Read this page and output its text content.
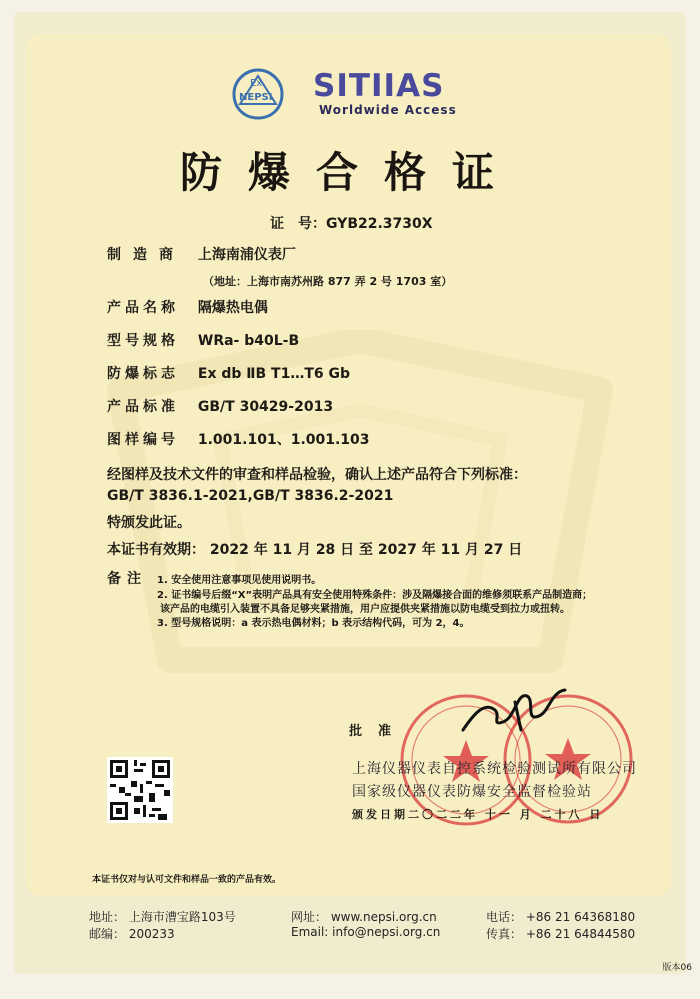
Ex
NEPSI SITIIAS
Worldwide Access
防爆合格证
证　号：GYB22.3730X
制造商 上海南浦仪表厂
（地址：上海市南苏州路 877 弄 2 号 1703 室）
产品名称 隔爆热电偶
型号规格 WRa- b40L-B
防爆标志 Ex db ⅡB T1…T6 Gb
产品标准 GB/T 30429-2013
图样编号 1.001.101、1.001.103
经图样及技术文件的审查和样品检验，确认上述产品符合下列标准：
GB/T 3836.1-2021,GB/T 3836.2-2021
特颁发此证。
本证书有效期： 2022 年 11 月 28 日 至 2027 年 11 月 27 日
备注 1. 安全使用注意事项见使用说明书。
2. 证书编号后缀“X”表明产品具有安全使用特殊条件：涉及隔爆接合面的维修须联系产品制造商；
该产品的电缆引入装置不具备足够夹紧措施，用户应提供夹紧措施以防电缆受到拉力或扭转。
3. 型号规格说明：a 表示热电偶材料；b 表示结构代码，可为 2，4。
批准
上海仪器仪表自控系统检验测试所有限公司
国家级仪器仪表防爆安全监督检验站
颁发日期二〇二二年 十一 月 二十八 日
本证书仅对与认可文件和样品一致的产品有效。
地址： 上海市漕宝路103号
邮编： 200233
网址： www.nepsi.org.cn
Email: info@nepsi.org.cn
电话： +86 21 64368180
传真： +86 21 64844580
版本06
